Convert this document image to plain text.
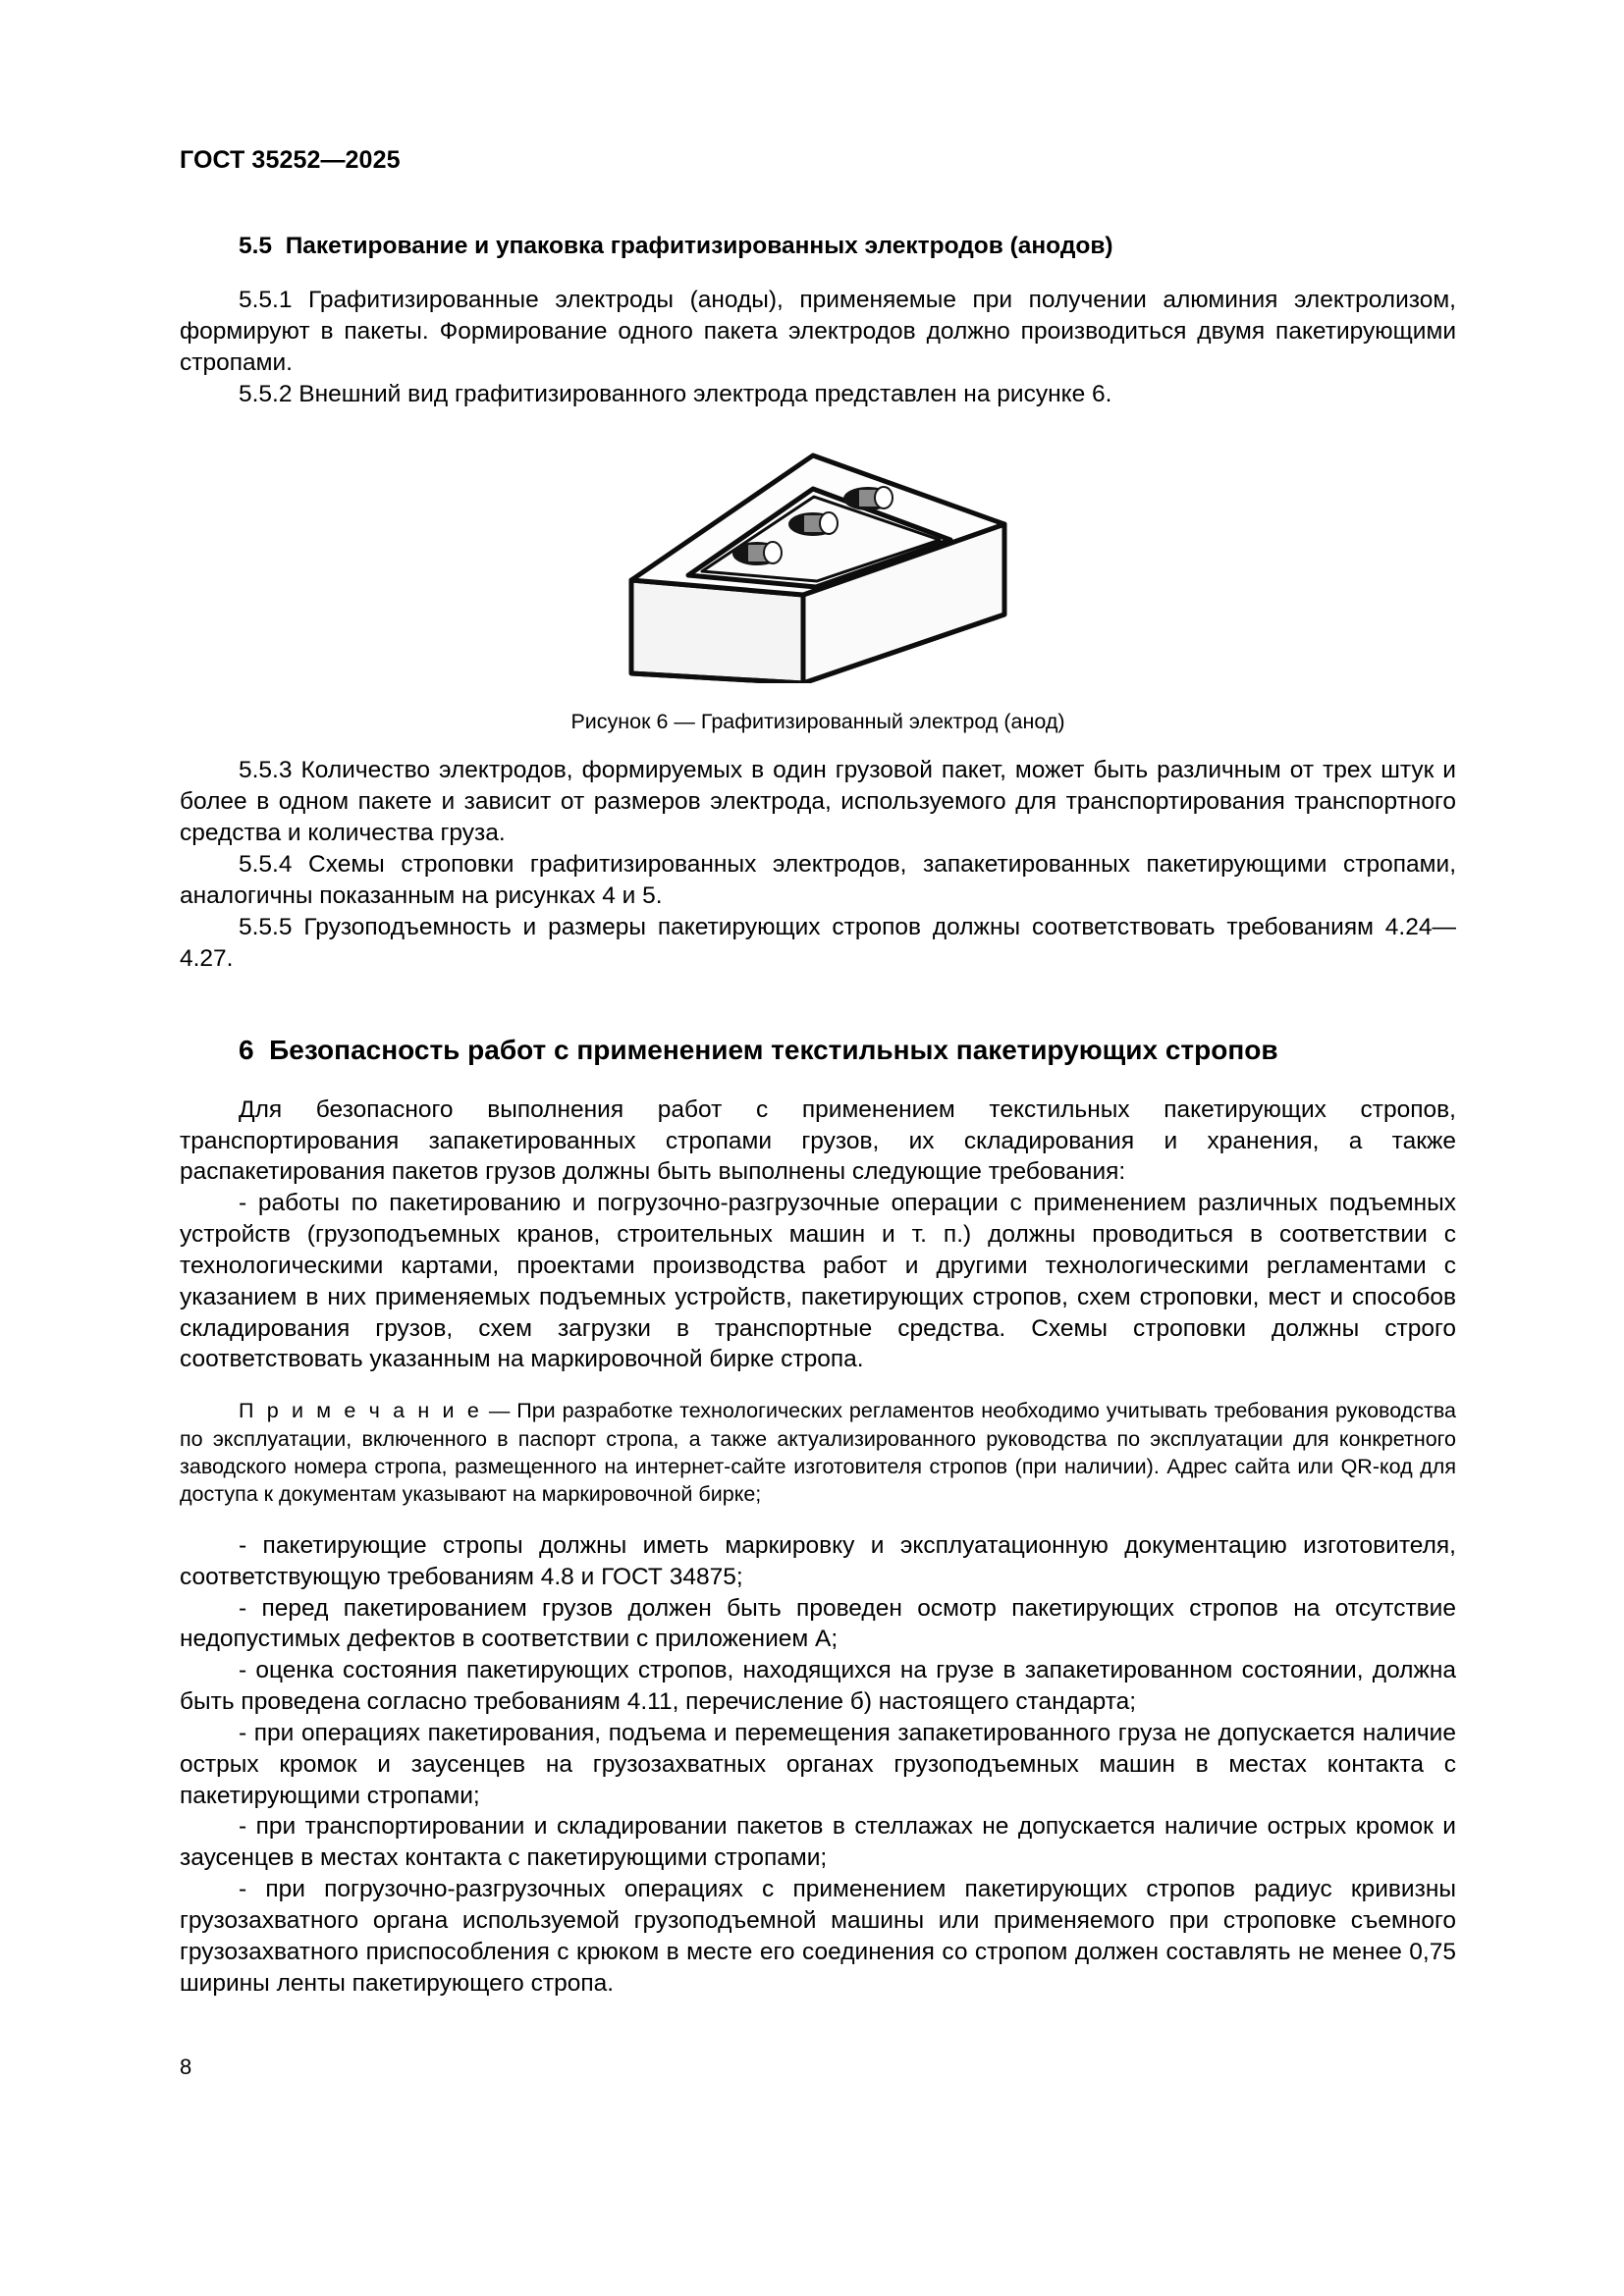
ГОСТ 35252—2025
5.5 Пакетирование и упаковка графитизированных электродов (анодов)

5.5.1 Графитизированные электроды (аноды), применяемые при получении алюминия электролизом, формируют в пакеты. Формирование одного пакета электродов должно производиться двумя пакетирующими стропами.

5.5.2 Внешний вид графитизированного электрода представлен на рисунке 6.

Рисунок 6 — Графитизированный электрод (анод)

5.5.3 Количество электродов, формируемых в один грузовой пакет, может быть различным от трех штук и более в одном пакете и зависит от размеров электрода, используемого для транспортирования транспортного средства и количества груза.

5.5.4 Схемы строповки графитизированных электродов, запакетированных пакетирующими стропами, аналогичны показанным на рисунках 4 и 5.

5.5.5 Грузоподъемность и размеры пакетирующих стропов должны соответствовать требованиям 4.24—4.27.

6 Безопасность работ с применением текстильных пакетирующих стропов

Для безопасного выполнения работ с применением текстильных пакетирующих стропов, транспортирования запакетированных стропами грузов, их складирования и хранения, а также распакетирования пакетов грузов должны быть выполнены следующие требования:

- работы по пакетированию и погрузочно-разгрузочные операции с применением различных подъемных устройств (грузоподъемных кранов, строительных машин и т. п.) должны проводиться в соответствии с технологическими картами, проектами производства работ и другими технологическими регламентами с указанием в них применяемых подъемных устройств, пакетирующих стропов, схем строповки, мест и способов складирования грузов, схем загрузки в транспортные средства. Схемы строповки должны строго соответствовать указанным на маркировочной бирке стропа.

П р и м е ч а н и е — При разработке технологических регламентов необходимо учитывать требования руководства по эксплуатации, включенного в паспорт стропа, а также актуализированного руководства по эксплуатации для конкретного заводского номера стропа, размещенного на интернет-сайте изготовителя стропов (при наличии). Адрес сайта или QR-код для доступа к документам указывают на маркировочной бирке;

- пакетирующие стропы должны иметь маркировку и эксплуатационную документацию изготовителя, соответствующую требованиям 4.8 и ГОСТ 34875;

- перед пакетированием грузов должен быть проведен осмотр пакетирующих стропов на отсутствие недопустимых дефектов в соответствии с приложением А;

- оценка состояния пакетирующих стропов, находящихся на грузе в запакетированном состоянии, должна быть проведена согласно требованиям 4.11, перечисление б) настоящего стандарта;

- при операциях пакетирования, подъема и перемещения запакетированного груза не допускается наличие острых кромок и заусенцев на грузозахватных органах грузоподъемных машин в местах контакта с пакетирующими стропами;

- при транспортировании и складировании пакетов в стеллажах не допускается наличие острых кромок и заусенцев в местах контакта с пакетирующими стропами;

- при погрузочно-разгрузочных операциях с применением пакетирующих стропов радиус кривизны грузозахватного органа используемой грузоподъемной машины или применяемого при строповке съемного грузозахватного приспособления с крюком в месте его соединения со стропом должен составлять не менее 0,75 ширины ленты пакетирующего стропа.

8
